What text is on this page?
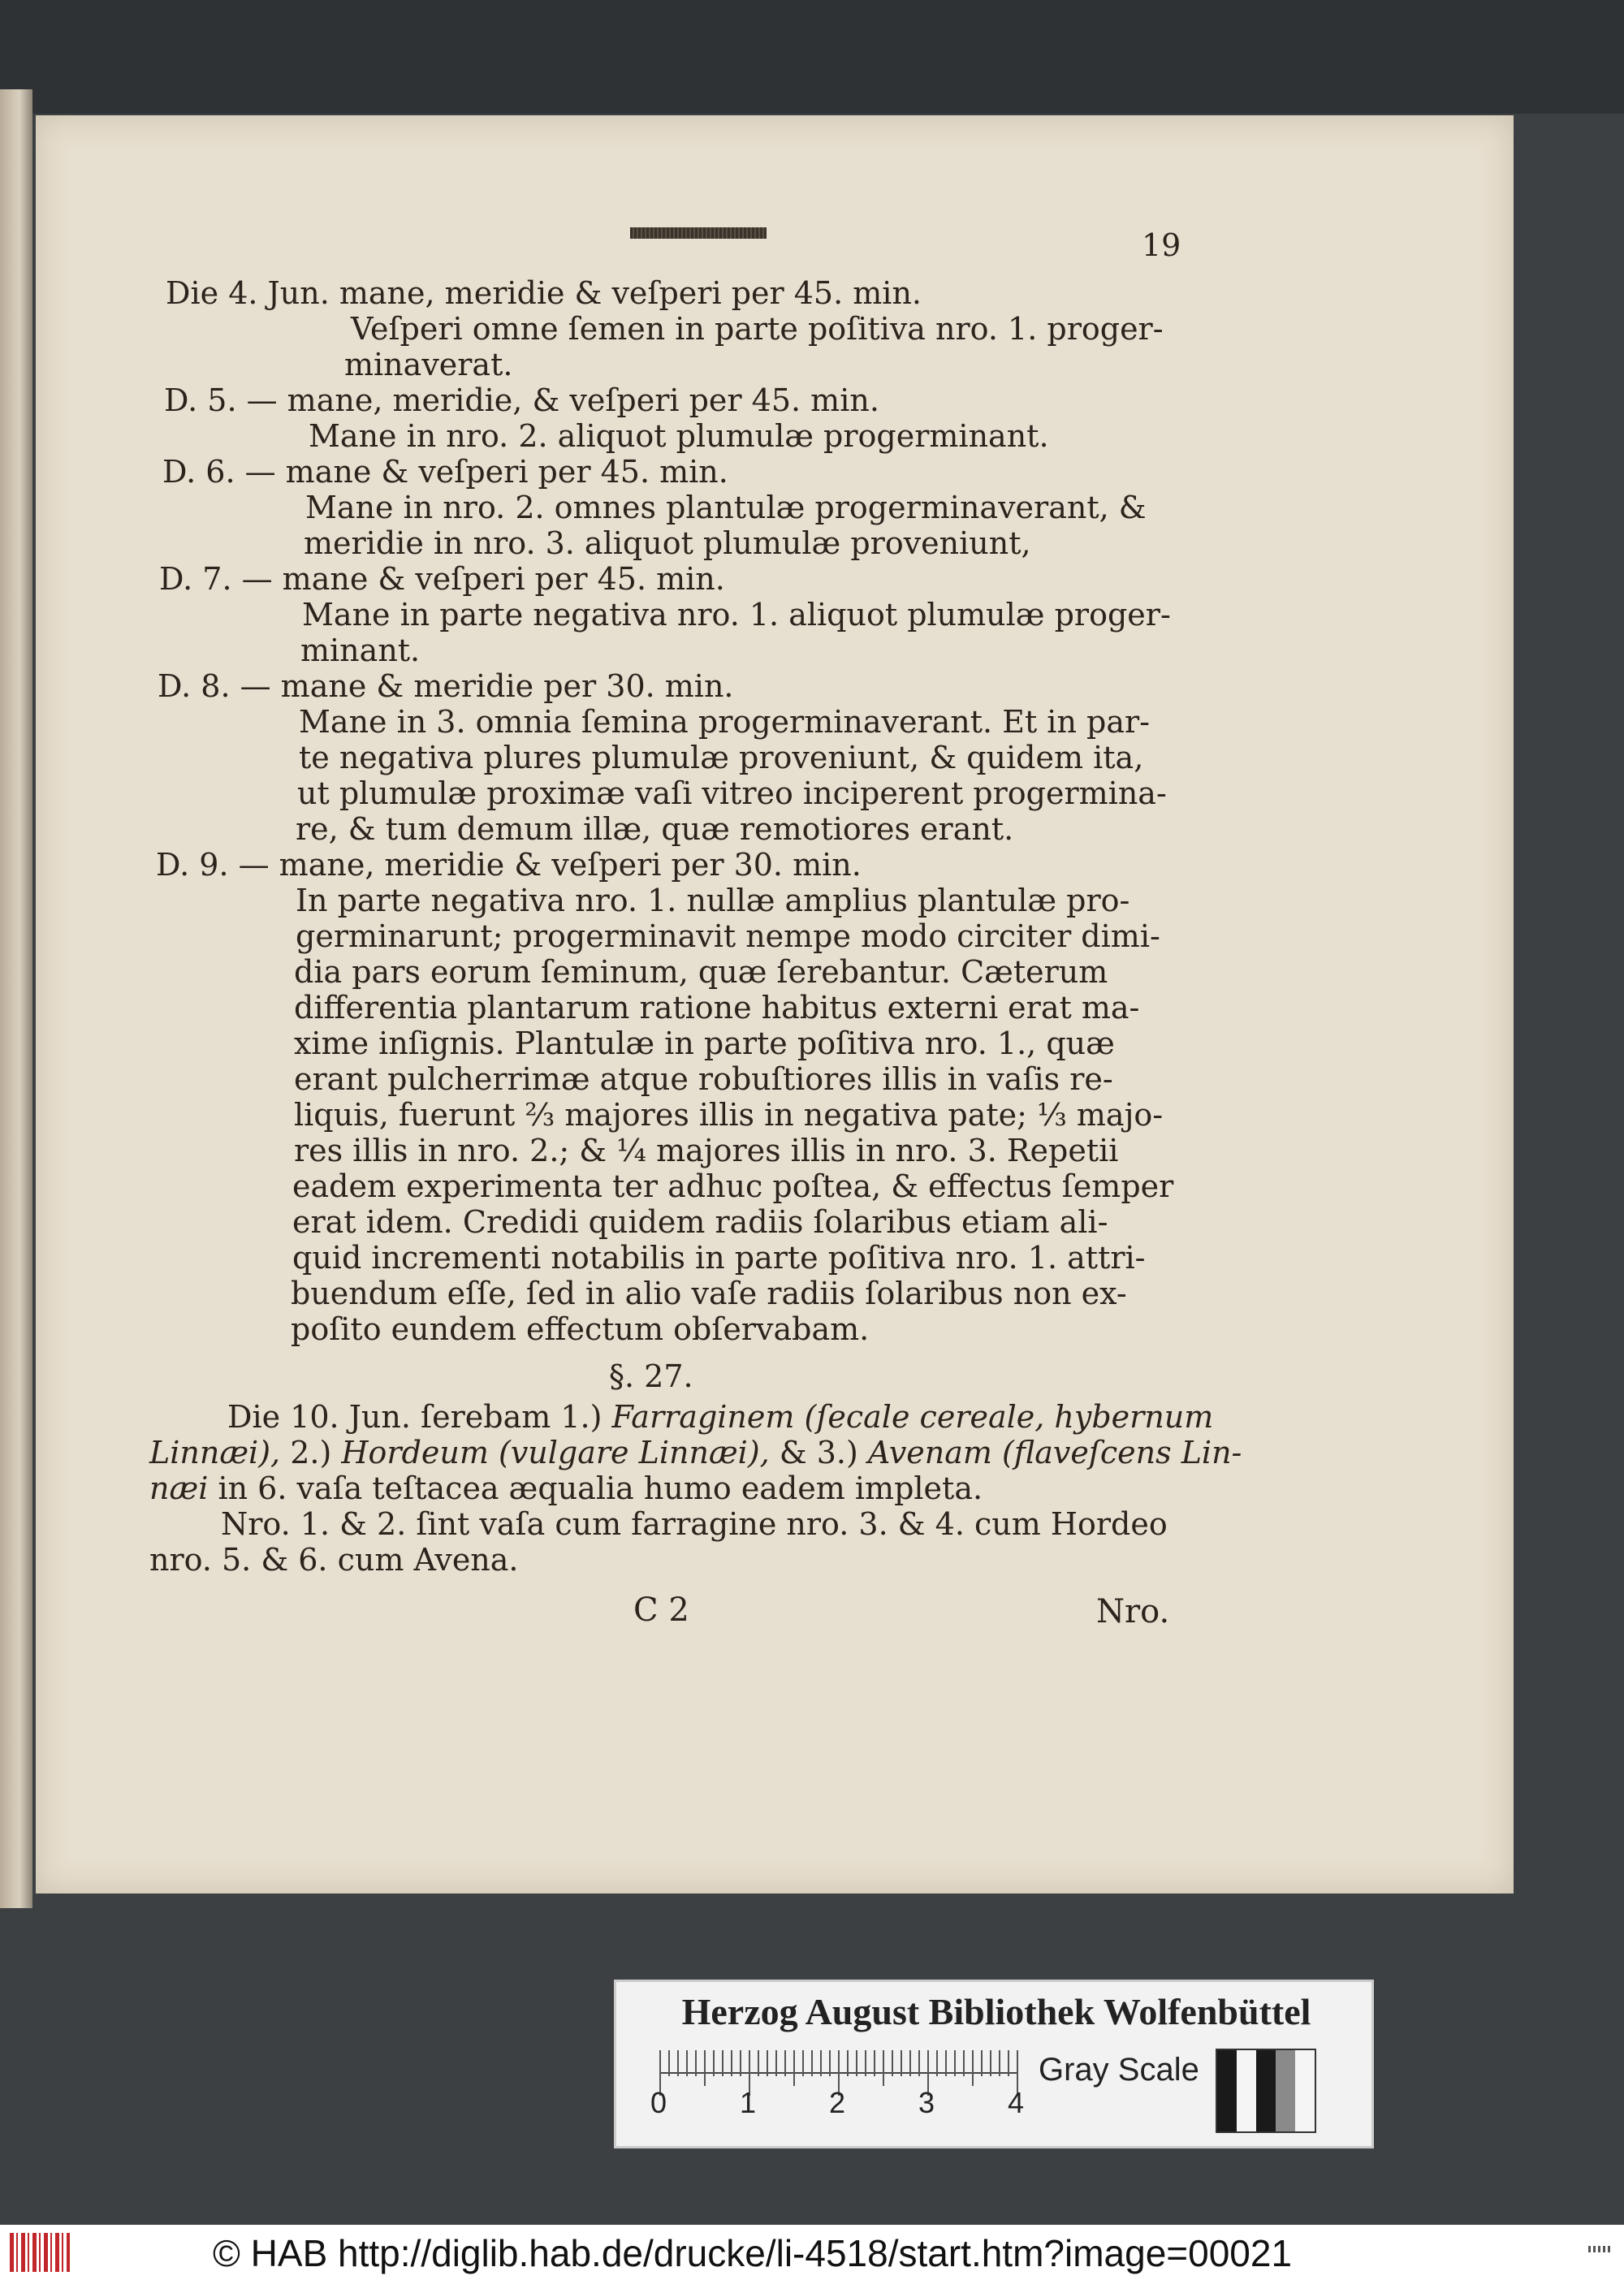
19
Die 4. Jun. mane, meridie & veſperi per 45. min.
Veſperi omne ſemen in parte poſitiva nro. 1. proger-
minaverat.
D. 5. — mane, meridie, & veſperi per 45. min.
Mane in nro. 2. aliquot plumulæ progerminant.
D. 6. — mane & veſperi per 45. min.
Mane in nro. 2. omnes plantulæ progerminaverant, &
meridie in nro. 3. aliquot plumulæ proveniunt,
D. 7. — mane & veſperi per 45. min.
Mane in parte negativa nro. 1. aliquot plumulæ proger-
minant.
D. 8. — mane & meridie per 30. min.
Mane in 3. omnia ſemina progerminaverant. Et in par-
te negativa plures plumulæ proveniunt, & quidem ita,
ut plumulæ proximæ vaſi vitreo inciperent progermina-
re, & tum demum illæ, quæ remotiores erant.
D. 9. — mane, meridie & veſperi per 30. min.
In parte negativa nro. 1. nullæ amplius plantulæ pro-
germinarunt; progerminavit nempe modo circiter dimi-
dia pars eorum ſeminum, quæ ſerebantur. Cæterum
differentia plantarum ratione habitus externi erat ma-
xime inſignis. Plantulæ in parte poſitiva nro. 1., quæ
erant pulcherrimæ atque robuſtiores illis in vaſis re-
liquis, fuerunt ⅔ majores illis in negativa pate; ⅓ majo-
res illis in nro. 2.; & ¼ majores illis in nro. 3. Repetii
eadem experimenta ter adhuc poſtea, & effectus ſemper
erat idem. Credidi quidem radiis ſolaribus etiam ali-
quid incrementi notabilis in parte poſitiva nro. 1. attri-
buendum eſſe, ſed in alio vaſe radiis ſolaribus non ex-
poſito eundem effectum obſervabam.
§. 27.
Die 10. Jun. ſerebam 1.) Farraginem (ſecale cereale, hybernum
Linnæi), 2.) Hordeum (vulgare Linnæi), & 3.) Avenam (flaveſcens Lin-
næi in 6. vaſa teſtacea æqualia humo eadem impleta.
Nro. 1. & 2. ſint vaſa cum farragine nro. 3. & 4. cum Hordeo
nro. 5. & 6. cum Avena.
C 2	Nro.
Herzog August Bibliothek Wolfenbüttel
0 1 2 3 4
Gray Scale
© HAB http://diglib.hab.de/drucke/li-4518/start.htm?image=00021
